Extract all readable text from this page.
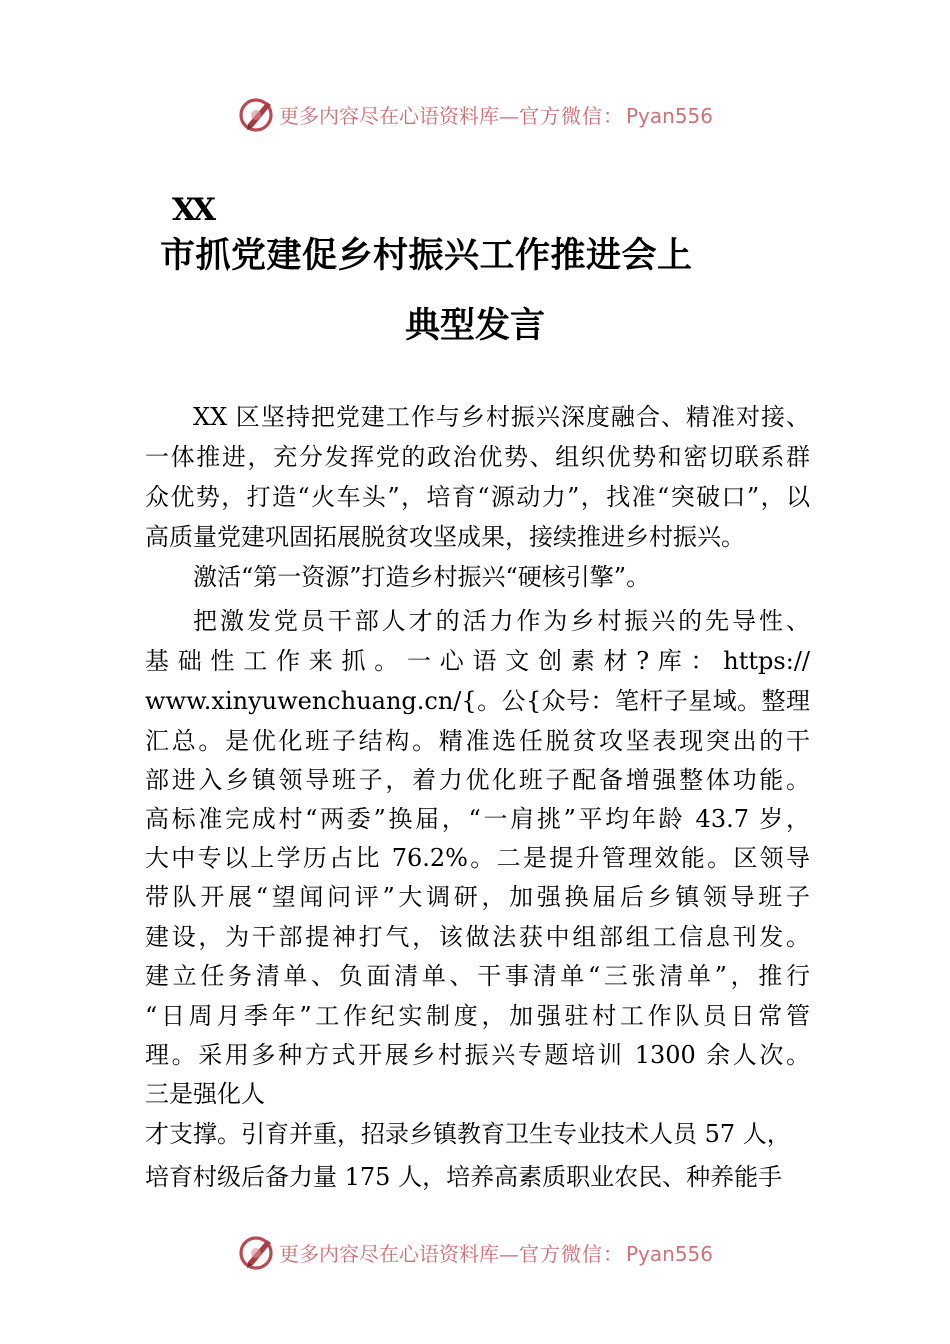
更多内容尽在心语资料库—官方微信： Pyan556
XX
市抓党建促乡村振兴工作推进会上
典型发言
XX 区坚持把党建工作与乡村振兴深度融合、精准对接、
一体推进，充分发挥党的政治优势、组织优势和密切联系群
众优势，打造“火车头”，培育“源动力”，找准“突破口”，以
高质量党建巩固拓展脱贫攻坚成果，接续推进乡村振兴。
激活“第一资源”打造乡村振兴“硬核引擎”。
把激发党员干部人才的活力作为乡村振兴的先导性、
基础性工作来抓。一心语文创素材?库：https://
www.xinyuwenchuang.cn/{。公{众号：笔杆子星域。整理
汇总。是优化班子结构。精准选任脱贫攻坚表现突出的干
部进入乡镇领导班子，着力优化班子配备增强整体功能。
高标准完成村“两委”换届，“一肩挑”平均年龄 43.7 岁，
大中专以上学历占比 76.2%。二是提升管理效能。区领导
带队开展“望闻问评”大调研，加强换届后乡镇领导班子
建设，为干部提神打气，该做法获中组部组工信息刊发。
建立任务清单、负面清单、干事清单“三张清单”，推行
“日周月季年”工作纪实制度，加强驻村工作队员日常管
理。采用多种方式开展乡村振兴专题培训 1300 余人次。
三是强化人
才支撑。引育并重，招录乡镇教育卫生专业技术人员 57 人，
培育村级后备力量 175 人，培养高素质职业农民、种养能手
更多内容尽在心语资料库—官方微信： Pyan556
